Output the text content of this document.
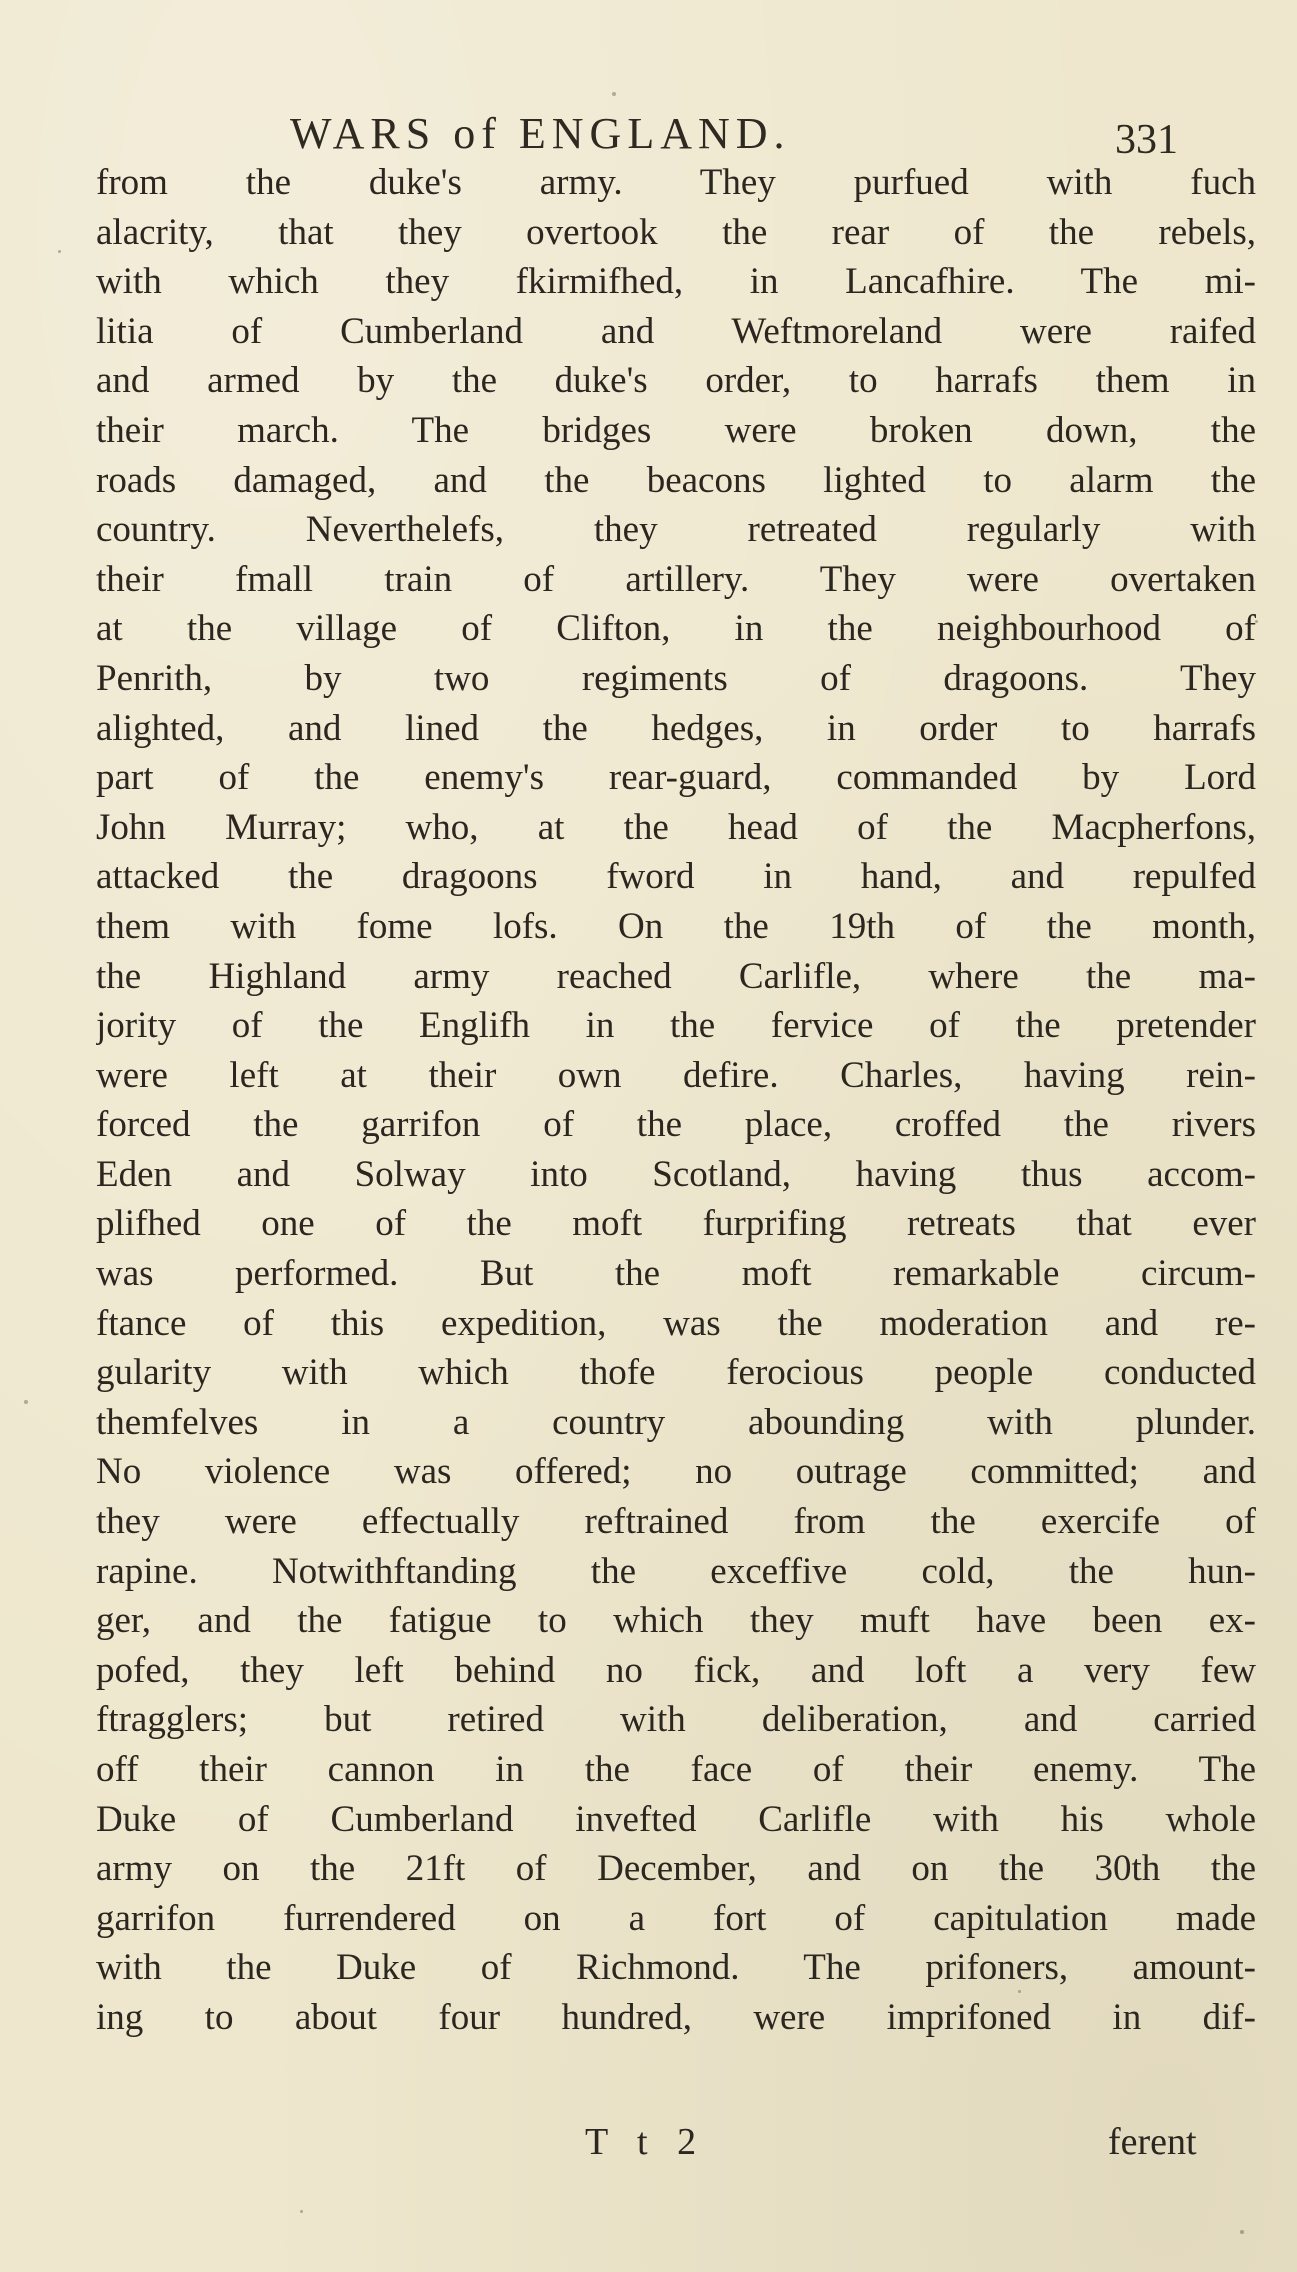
WARS of ENGLAND.	331
from the duke's army. They purfued with fuch
alacrity, that they overtook the rear of the rebels,
with which they fkirmifhed, in Lancafhire. The mi-
litia of Cumberland and Weftmoreland were raifed
and armed by the duke's order, to harrafs them in
their march. The bridges were broken down, the
roads damaged, and the beacons lighted to alarm the
country. Neverthelefs, they retreated regularly with
their fmall train of artillery. They were overtaken
at the village of Clifton, in the neighbourhood of
Penrith, by two regiments of dragoons. They
alighted, and lined the hedges, in order to harrafs
part of the enemy's rear-guard, commanded by Lord
John Murray; who, at the head of the Macpherfons,
attacked the dragoons fword in hand, and repulfed
them with fome lofs. On the 19th of the month,
the Highland army reached Carlifle, where the ma-
jority of the Englifh in the fervice of the pretender
were left at their own defire. Charles, having rein-
forced the garrifon of the place, croffed the rivers
Eden and Solway into Scotland, having thus accom-
plifhed one of the moft furprifing retreats that ever
was performed. But the moft remarkable circum-
ftance of this expedition, was the moderation and re-
gularity with which thofe ferocious people conducted
themfelves in a country abounding with plunder.
No violence was offered; no outrage committed; and
they were effectually reftrained from the exercife of
rapine. Notwithftanding the exceffive cold, the hun-
ger, and the fatigue to which they muft have been ex-
pofed, they left behind no fick, and loft a very few
ftragglers; but retired with deliberation, and carried
off their cannon in the face of their enemy. The
Duke of Cumberland invefted Carlifle with his whole
army on the 21ft of December, and on the 30th the
garrifon furrendered on a fort of capitulation made
with the Duke of Richmond. The prifoners, amount-
ing to about four hundred, were imprifoned in dif-
T t 2	ferent
